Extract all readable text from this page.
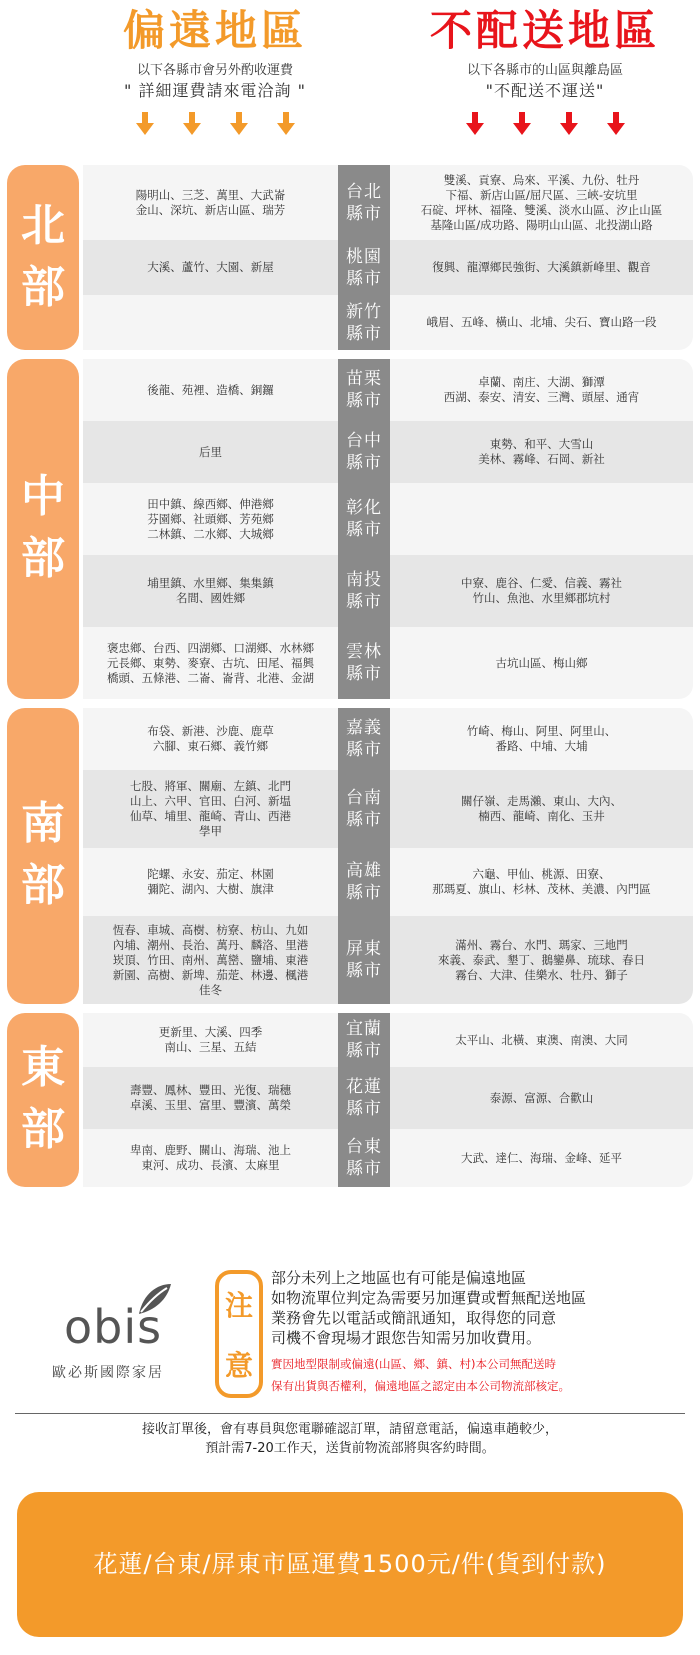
偏遠地區
以下各縣市會另外酌收運費
" 詳細運費請來電洽詢 "
不配送地區
以下各縣市的山區與離島區
"不配送不運送"
北
部
陽明山、三芝、萬里、大武崙
金山、深坑、新店山區、瑞芳
台北
縣市
雙溪、貢寮、烏來、平溪、九份、牡丹
下福、新店山區/屈尺區、三峽-安坑里
石碇、坪林、福隆、雙溪、淡水山區、汐止山區
基隆山區/成功路、陽明山山區、北投湖山路
大溪、蘆竹、大園、新屋
桃園
縣市
復興、龍潭鄉民強街、大溪鎮新峰里、觀音
新竹
縣市
峨眉、五峰、橫山、北埔、尖石、寶山路一段
中
部
後龍、苑裡、造橋、銅鑼
苗栗
縣市
卓蘭、南庄、大湖、獅潭
西湖、泰安、清安、三灣、頭屋、通宵
后里
台中
縣市
東勢、和平、大雪山
美林、霧峰、石岡、新社
田中鎮、線西鄉、伸港鄉
芬園鄉、社頭鄉、芳苑鄉
二林鎮、二水鄉、大城鄉
彰化
縣市
埔里鎮、水里鄉、集集鎮
名間、國姓鄉
南投
縣市
中寮、鹿谷、仁愛、信義、霧社
竹山、魚池、水里鄉郡坑村
褒忠鄉、台西、四湖鄉、口湖鄉、水林鄉
元長鄉、東勢、麥寮、古坑、田尾、福興
橋頭、五條港、二崙、崙背、北港、金湖
雲林
縣市
古坑山區、梅山鄉
南
部
布袋、新港、沙鹿、鹿草
六腳、東石鄉、義竹鄉
嘉義
縣市
竹崎、梅山、阿里、阿里山、
番路、中埔、大埔
七股、將軍、關廟、左鎮、北門
山上、六甲、官田、白河、新塭
仙草、埔里、龍崎、青山、西港
學甲
台南
縣市
關仔嶺、走馬瀨、東山、大內、
楠西、龍崎、南化、玉井
陀螺、永安、茄定、林園
彌陀、湖內、大樹、旗津
高雄
縣市
六龜、甲仙、桃源、田寮、
那瑪夏、旗山、杉林、茂林、美濃、內門區
恆春、車城、高樹、枋寮、枋山、九如
內埔、潮州、長治、萬丹、麟洛、里港
崁頂、竹田、南州、萬巒、鹽埔、東港
新園、高樹、新埤、茄萣、林邊、楓港
佳冬
屏東
縣市
滿州、霧台、水門、瑪家、三地門
來義、泰武、墾丁、鵝鑾鼻、琉球、春日
霧台、大津、佳樂水、牡丹、獅子
東
部
更新里、大溪、四季
南山、三星、五結
宜蘭
縣市
太平山、北橫、東澳、南澳、大同
壽豐、鳳林、豐田、光復、瑞穗
卓溪、玉里、富里、豐濱、萬榮
花蓮
縣市
泰源、富源、合歡山
卑南、鹿野、關山、海瑞、池上
東河、成功、長濱、太麻里
台東
縣市
大武、達仁、海瑞、金峰、延平
obis
歐必斯國際家居
注
意
部分未列上之地區也有可能是偏遠地區
如物流單位判定為需要另加運費或暫無配送地區
業務會先以電話或簡訊通知，取得您的同意
司機不會現場才跟您告知需另加收費用。
實因地型限制或偏遠(山區、鄉、鎮、村)本公司無配送時
保有出貨與否權利，偏遠地區之認定由本公司物流部核定。
接收訂單後，會有專員與您電聯確認訂單，請留意電話，偏遠車趟較少，
預計需7-20工作天，送貨前物流部將與客約時間。
花蓮/台東/屏東市區運費1500元/件(貨到付款)
